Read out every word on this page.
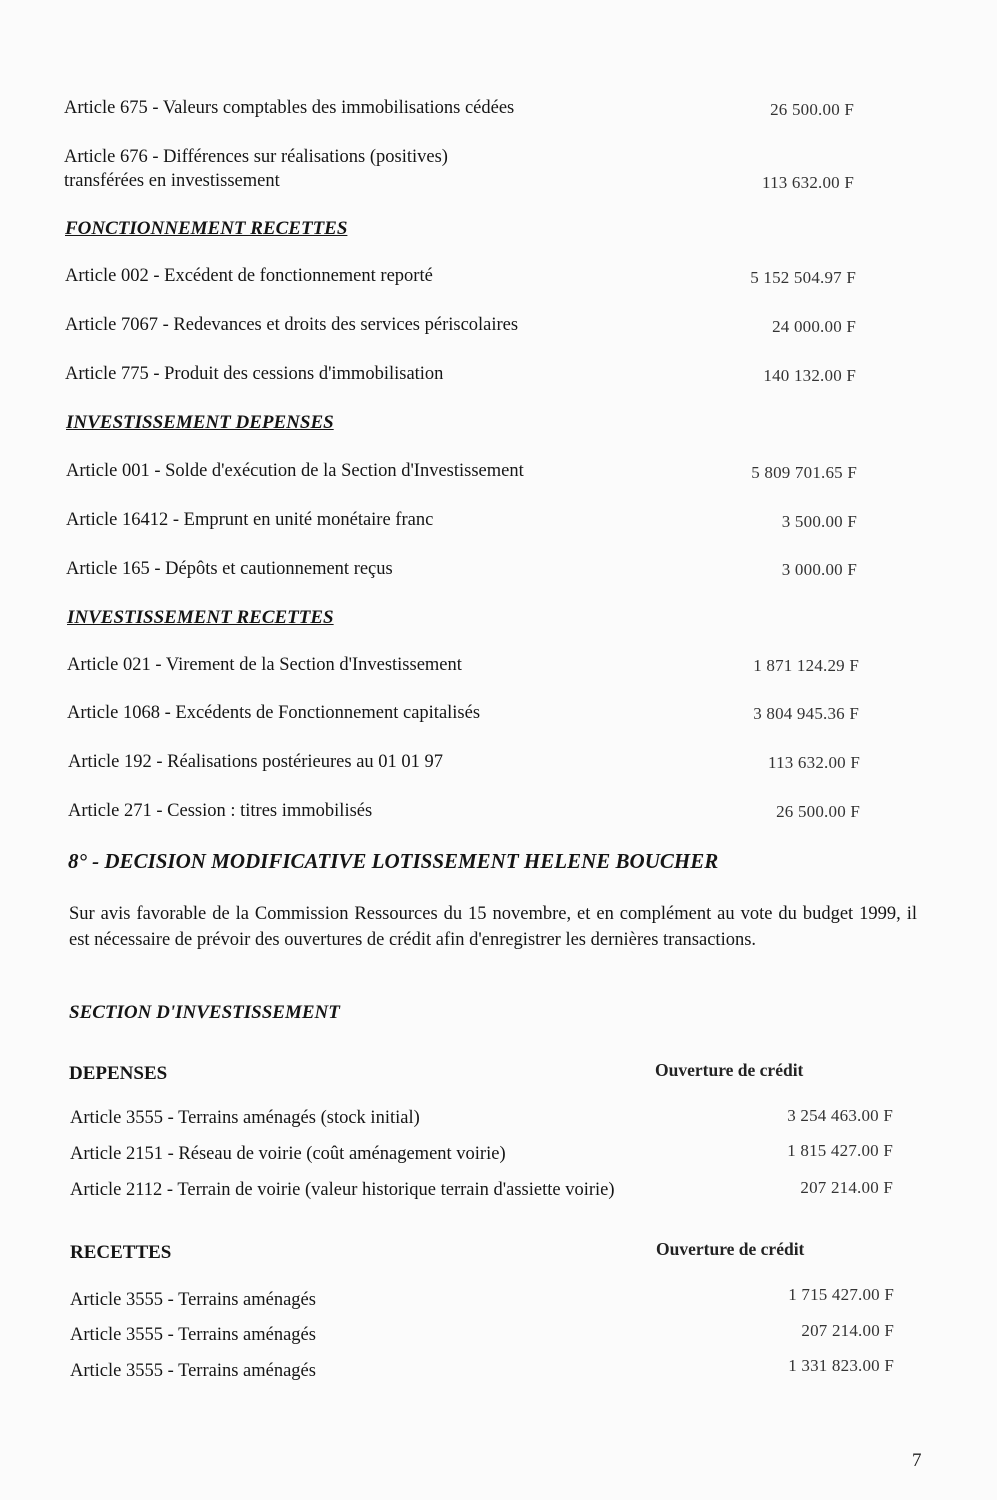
Article 675 - Valeurs comptables des immobilisations cédées	26 500.00 F
Article 676 - Différences sur réalisations (positives)
transférées en investissement	113 632.00 F
FONCTIONNEMENT RECETTES
Article 002 - Excédent de fonctionnement reporté	5 152 504.97 F
Article 7067 - Redevances et droits des services périscolaires	24 000.00 F
Article 775 - Produit des cessions d'immobilisation	140 132.00 F
INVESTISSEMENT DEPENSES
Article 001 - Solde d'exécution de la Section d'Investissement	5 809 701.65 F
Article 16412 - Emprunt en unité monétaire franc	3 500.00 F
Article 165 - Dépôts et cautionnement reçus	3 000.00 F
INVESTISSEMENT RECETTES
Article 021 - Virement de la Section d'Investissement	1 871 124.29 F
Article 1068 - Excédents de Fonctionnement capitalisés	3 804 945.36 F
Article 192 - Réalisations postérieures au 01 01 97	113 632.00 F
Article 271 - Cession : titres immobilisés	26 500.00 F
8° - DECISION MODIFICATIVE LOTISSEMENT HELENE BOUCHER
Sur avis favorable de la Commission Ressources du 15 novembre, et en complément au vote du budget 1999, il est nécessaire de prévoir des ouvertures de crédit afin d'enregistrer les dernières transactions.
SECTION D'INVESTISSEMENT
DEPENSES	Ouverture de crédit
Article 3555 - Terrains aménagés (stock initial)	3 254 463.00 F
Article 2151 - Réseau de voirie (coût aménagement voirie)	1 815 427.00 F
Article 2112 - Terrain de voirie (valeur historique terrain d'assiette voirie)	207 214.00 F
RECETTES	Ouverture de crédit
Article 3555 - Terrains aménagés	1 715 427.00 F
Article 3555 - Terrains aménagés	207 214.00 F
Article 3555 - Terrains aménagés	1 331 823.00 F
7
